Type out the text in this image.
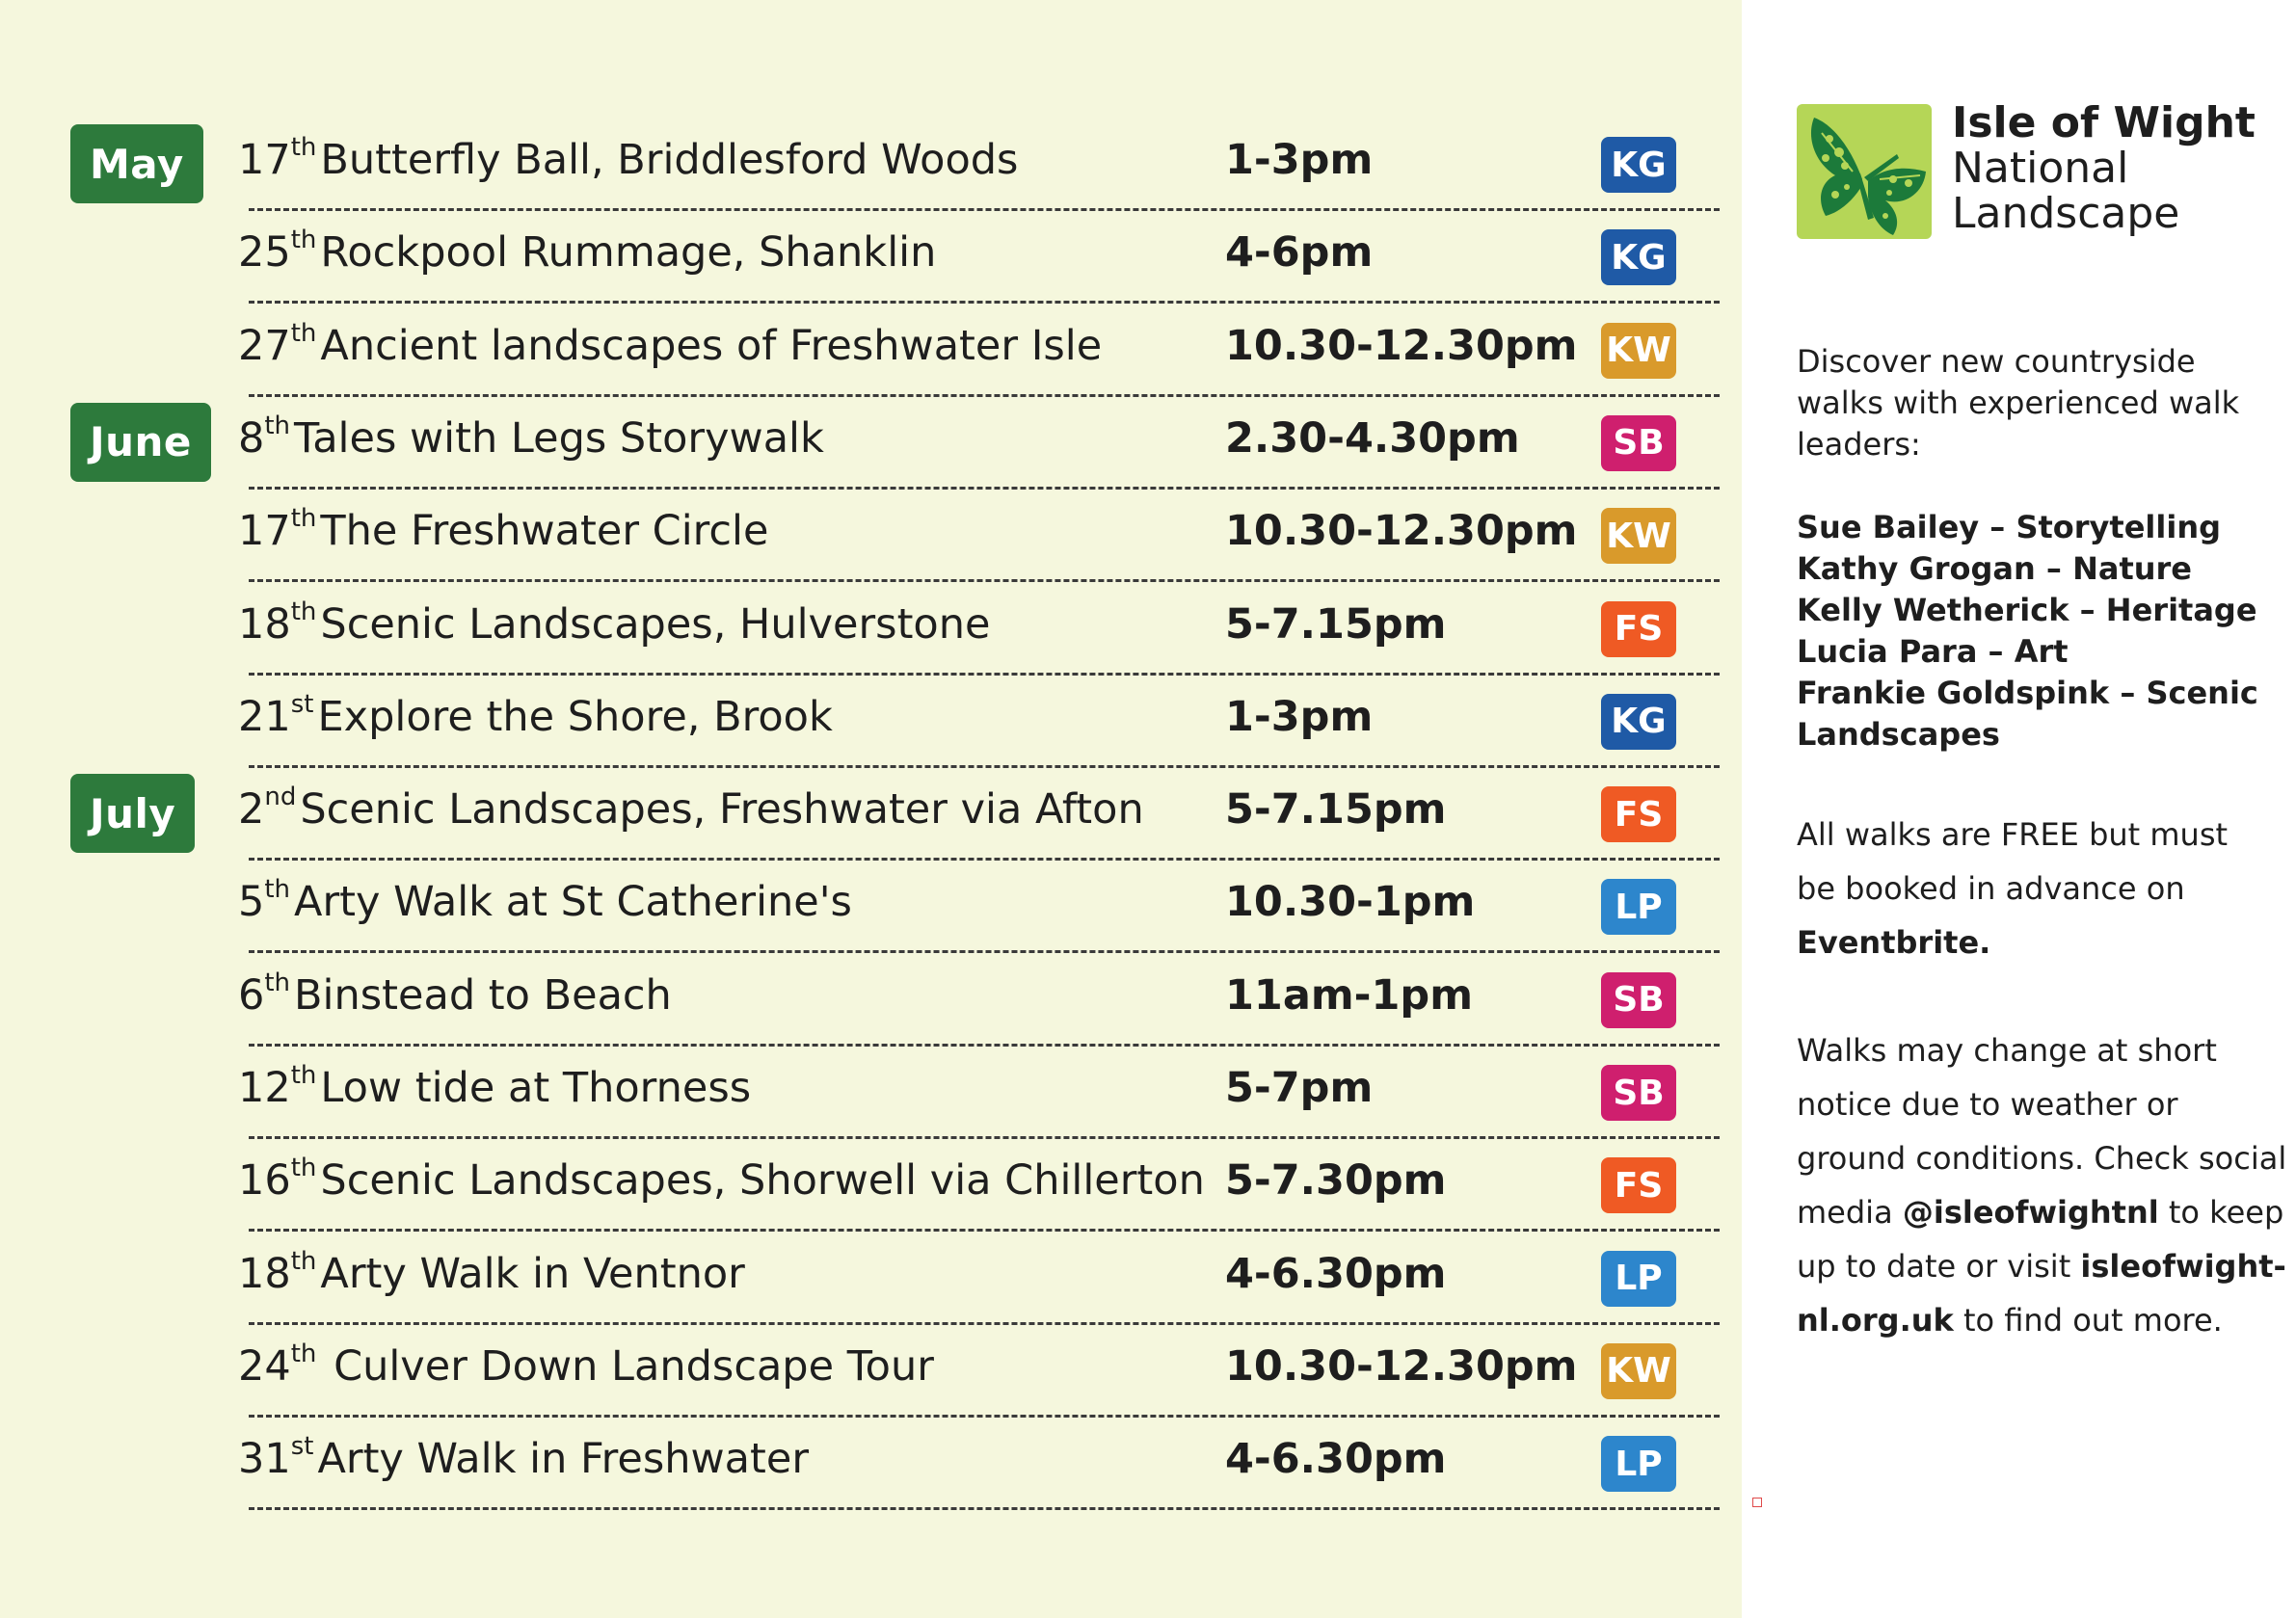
May	17thButterfly Ball, Briddlesford Woods	1-3pm	KG
25thRockpool Rummage, Shanklin	4-6pm	KG
27thAncient landscapes of Freshwater Isle	10.30-12.30pm KW
June	8thTales with Legs Storywalk	2.30-4.30pm	SB
17thThe Freshwater Circle	10.30-12.30pm KW
18thScenic Landscapes, Hulverstone	5-7.15pm	FS
21stExplore the Shore, Brook	1-3pm	KG
July	2ndScenic Landscapes, Freshwater via Afton 5-7.15pm	FS
5thArty Walk at St Catherine's	10.30-1pm	LP
6thBinstead to Beach	11am-1pm	SB
12thLow tide at Thorness	5-7pm	SB
16thScenic Landscapes, Shorwell via Chillerton 5-7.30pm	FS
18thArty Walk in Ventnor	4-6.30pm	LP
24th Culver Down Landscape Tour	10.30-12.30pm KW
31stArty Walk in Freshwater	4-6.30pm	LP
Isle of Wight
National
Landscape

Discover new countryside walks with experienced walk leaders:

Sue Bailey – Storytelling
Kathy Grogan – Nature
Kelly Wetherick – Heritage
Lucia Para – Art
Frankie Goldspink – Scenic
Landscapes

All walks are FREE but must be booked in advance on Eventbrite.

Walks may change at short notice due to weather or ground conditions. Check social media @isleofwightnl to keep up to date or visit isleofwight-nl.org.uk to find out more.
